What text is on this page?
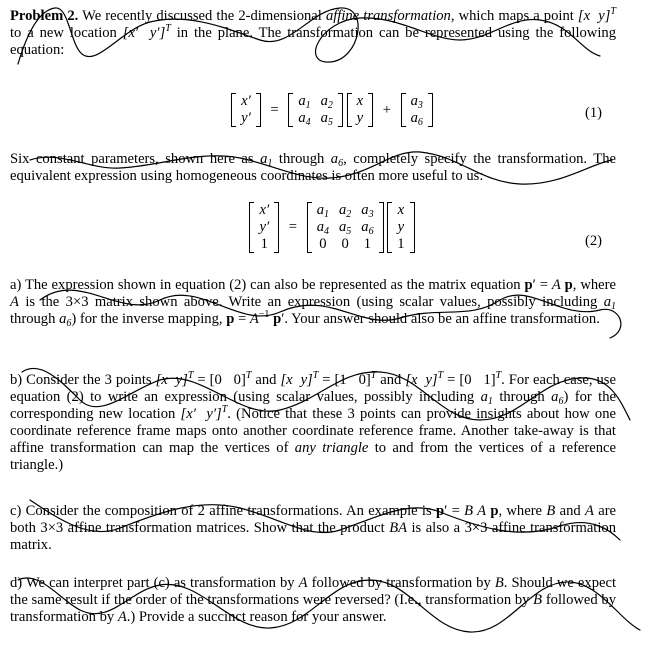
Problem 2. We recently discussed the 2-dimensional affine transformation, which maps a point [x  y]$^T$ to a new location [x′  y′]$^T$ in the plane. The transformation can be represented using the following equation:
x′
y′
=
$a_1$	$a_2$
$a_4$	$a_5$

x
y
+
$a_3$
$a_6$
(1)
Six constant parameters, shown here as $a_1$ through $a_6$, completely specify the transformation. The equivalent expression using homogeneous coordinates is often more useful to us:
x′
y′
1
=
$a_1$	$a_2$	$a_3$
$a_4$	$a_5$	$a_6$
0	0	1

x
y
1	(2)
a) The expression shown in equation (2) can also be represented as the matrix equation p′ = A p, where A is the 3×3 matrix shown above. Write an expression (using scalar values, possibly including $a_1$ through $a_6$) for the inverse mapping, $p = A^{-1}$ p′. Your answer should also be an affine transformation.
b) Consider the 3 points [x  y]$^T$ = [0   0]$^T$ and [x  y]$^T$ = [1   0]$^T$ and [x  y]$^T$ = [0   1]$^T$. For each case, use equation (2) to write an expression (using scalar values, possibly including $a_1$ through $a_6$) for the corresponding new location [x′  y′]$^T$. (Notice that these 3 points can provide insights about how one coordinate reference frame maps onto another coordinate reference frame. Another take-away is that affine transformation can map the vertices of any triangle to and from the vertices of a reference triangle.)
c) Consider the composition of 2 affine transformations. An example is p′ = B A p, where B and A are both 3×3 affine transformation matrices. Show that the product BA is also a 3×3 affine transformation matrix.
d) We can interpret part (c) as transformation by A followed by transformation by B. Should we expect the same result if the order of the transformations were reversed? (I.e., transformation by B followed by transformation by A.) Provide a succinct reason for your answer.
